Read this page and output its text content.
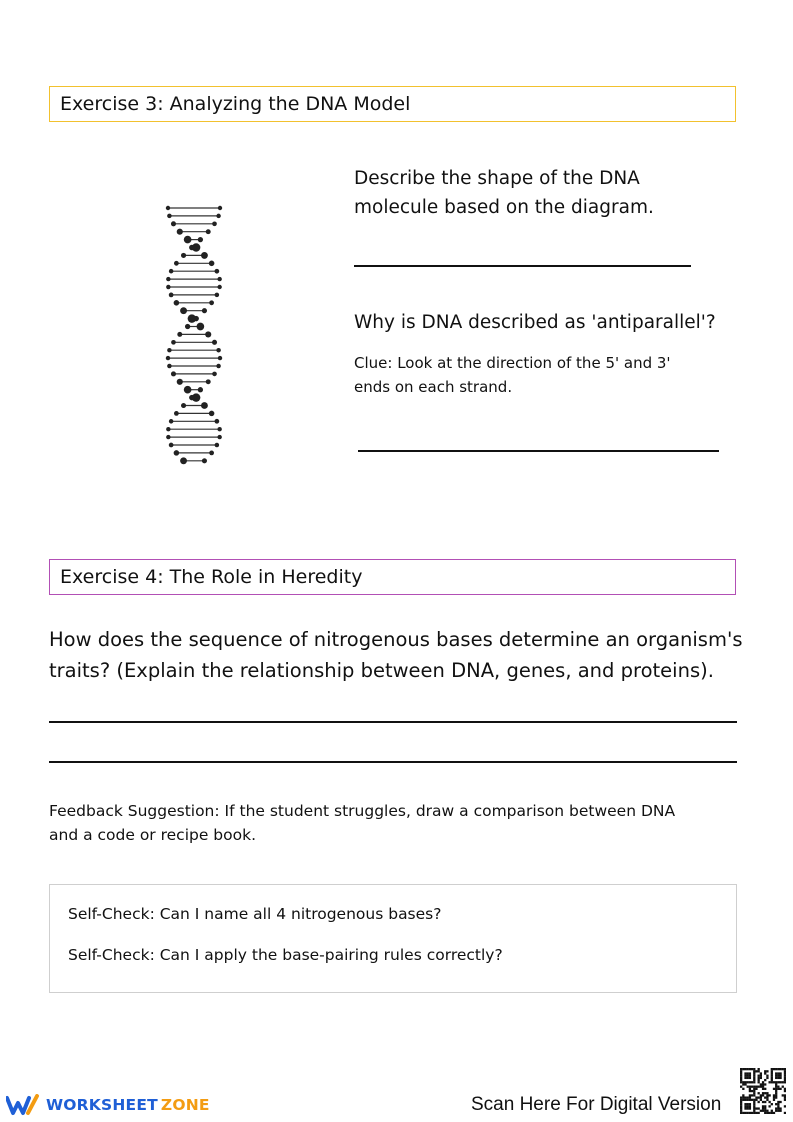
Exercise 3: Analyzing the DNA Model
Describe the shape of the DNA
molecule based on the diagram.
Why is DNA described as 'antiparallel'?
Clue: Look at the direction of the 5' and 3'
ends on each strand.
Exercise 4: The Role in Heredity
How does the sequence of nitrogenous bases determine an organism's
traits? (Explain the relationship between DNA, genes, and proteins).
Feedback Suggestion: If the student struggles, draw a comparison between DNA
and a code or recipe book.
Self-Check: Can I name all 4 nitrogenous bases?
Self-Check: Can I apply the base-pairing rules correctly?
WORKSHEET ZONE	Scan Here For Digital Version
